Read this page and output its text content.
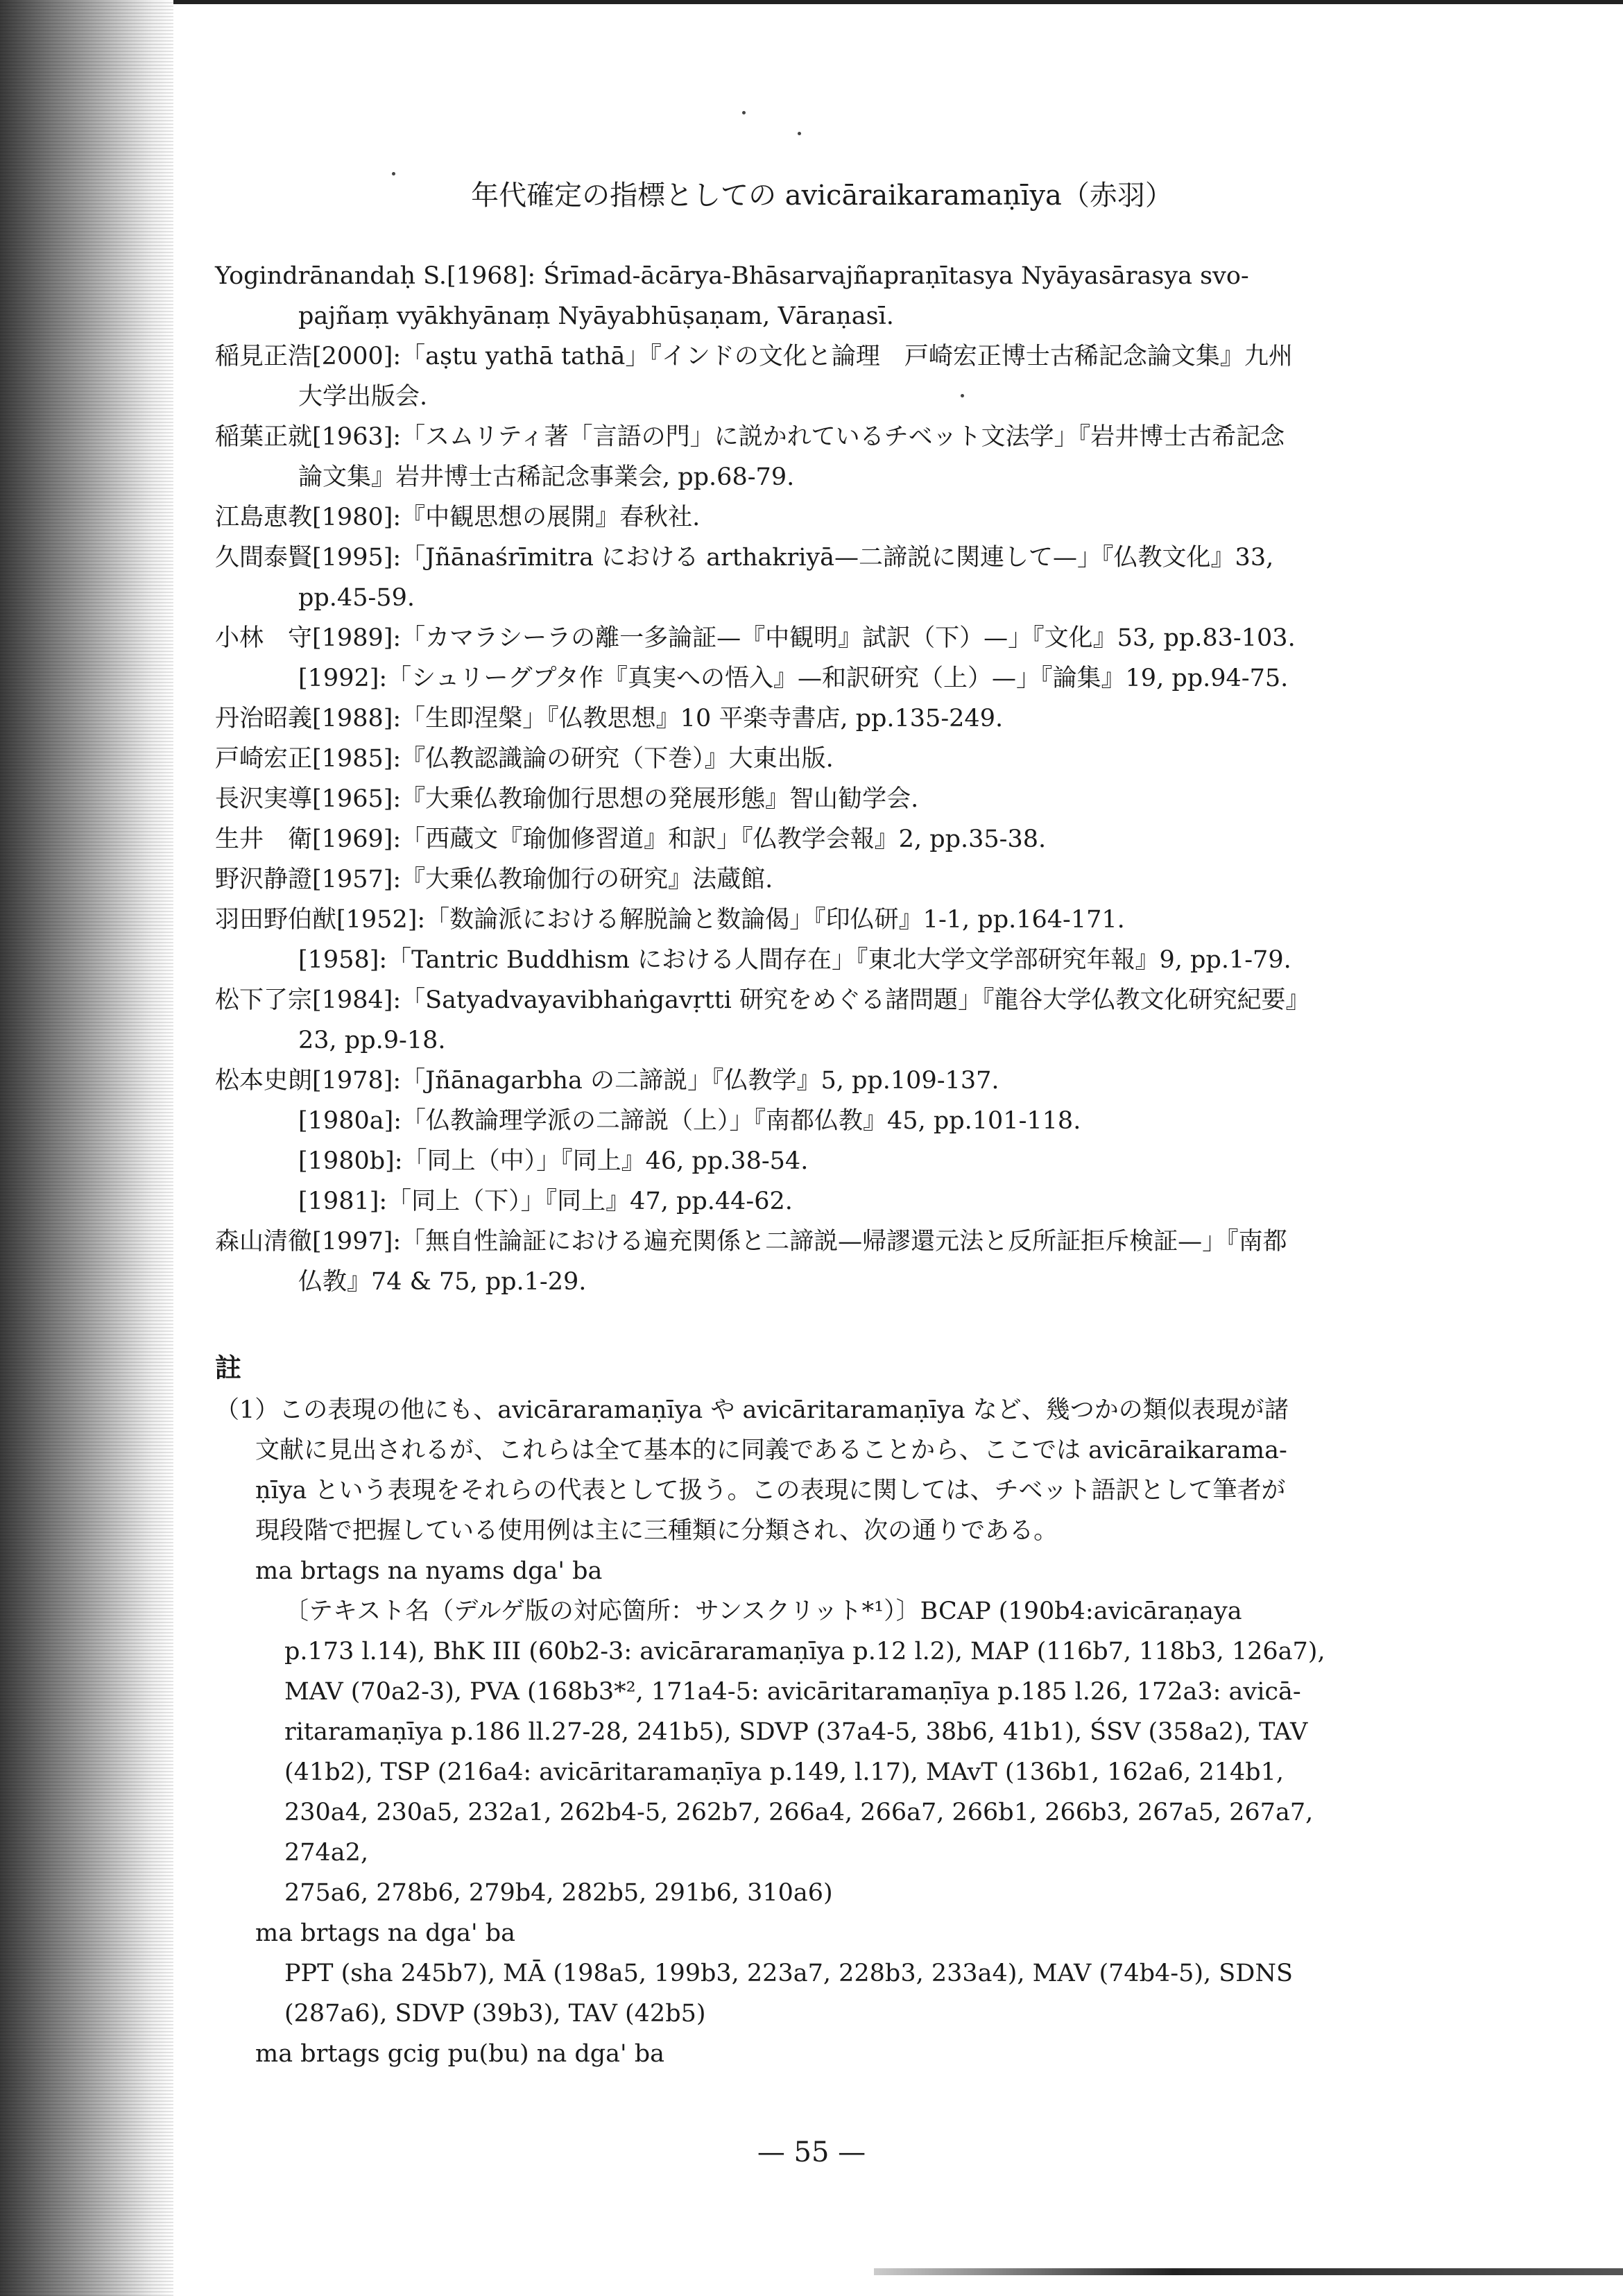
年代確定の指標としての avicāraikaramaṇīya（赤羽）

Yogindrānandaḥ S.[1968]: Śrīmad-ācārya-Bhāsarvajñapraṇītasya Nyāyasārasya svo-

pajñaṃ vyākhyānaṃ Nyāyabhūṣaṇam, Vāraṇasī.

稲見正浩[2000]:「aṣtu yathā tathā」『インドの文化と論理　戸崎宏正博士古稀記念論文集』九州

大学出版会.

稲葉正就[1963]:「スムリティ著「言語の門」に説かれているチベット文法学」『岩井博士古希記念

論文集』岩井博士古稀記念事業会, pp.68-79.

江島恵教[1980]:『中観思想の展開』春秋社.

久間泰賢[1995]:「Jñānaśrīmitra における arthakriyā—二諦説に関連して—」『仏教文化』33,

pp.45-59.

小林　守[1989]:「カマラシーラの離一多論証—『中観明』試訳（下）—」『文化』53, pp.83-103.

[1992]:「シュリーグプタ作『真実への悟入』—和訳研究（上）—」『論集』19, pp.94-75.

丹治昭義[1988]:「生即涅槃」『仏教思想』10 平楽寺書店, pp.135-249.

戸崎宏正[1985]:『仏教認識論の研究（下巻）』大東出版.

長沢実導[1965]:『大乗仏教瑜伽行思想の発展形態』智山勧学会.

生井　衛[1969]:「西蔵文『瑜伽修習道』和訳」『仏教学会報』2, pp.35-38.

野沢静證[1957]:『大乗仏教瑜伽行の研究』法蔵館.

羽田野伯猷[1952]:「数論派における解脱論と数論偈」『印仏研』1-1, pp.164-171.

[1958]:「Tantric Buddhism における人間存在」『東北大学文学部研究年報』9, pp.1-79.

松下了宗[1984]:「Satyadvayavibhaṅgavṛtti 研究をめぐる諸問題」『龍谷大学仏教文化研究紀要』

23, pp.9-18.

松本史朗[1978]:「Jñānagarbha の二諦説」『仏教学』5, pp.109-137.

[1980a]:「仏教論理学派の二諦説（上）」『南都仏教』45, pp.101-118.

[1980b]:「同上（中）」『同上』46, pp.38-54.

[1981]:「同上（下）」『同上』47, pp.44-62.

森山清徹[1997]:「無自性論証における遍充関係と二諦説—帰謬還元法と反所証拒斥検証—」『南都

仏教』74 & 75, pp.1-29.

註
（1）この表現の他にも、avicāraramaṇīya や avicāritaramaṇīya など、幾つかの類似表現が諸
文献に見出されるが、これらは全て基本的に同義であることから、ここでは avicāraikarama-
ṇīya という表現をそれらの代表として扱う。この表現に関しては、チベット語訳として筆者が
現段階で把握している使用例は主に三種類に分類され、次の通りである。
ma brtags na nyams dga' ba
〔テキスト名（デルゲ版の対応箇所：サンスクリット*¹）〕BCAP (190b4:avicāraṇaya
p.173 l.14), BhK III (60b2-3: avicāraramaṇīya p.12 l.2), MAP (116b7, 118b3, 126a7),
MAV (70a2-3), PVA (168b3*², 171a4-5: avicāritaramaṇīya p.185 l.26, 172a3: avicā-
ritaramaṇīya p.186 ll.27-28, 241b5), SDVP (37a4-5, 38b6, 41b1), ŚSV (358a2), TAV
(41b2), TSP (216a4: avicāritaramaṇīya p.149, l.17), MAvT (136b1, 162a6, 214b1,
230a4, 230a5, 232a1, 262b4-5, 262b7, 266a4, 266a7, 266b1, 266b3, 267a5, 267a7, 274a2,
275a6, 278b6, 279b4, 282b5, 291b6, 310a6)
ma brtags na dga' ba
PPT (sha 245b7), MĀ (198a5, 199b3, 223a7, 228b3, 233a4), MAV (74b4-5), SDNS
(287a6), SDVP (39b3), TAV (42b5)
ma brtags gcig pu(bu) na dga' ba
— 55 —
